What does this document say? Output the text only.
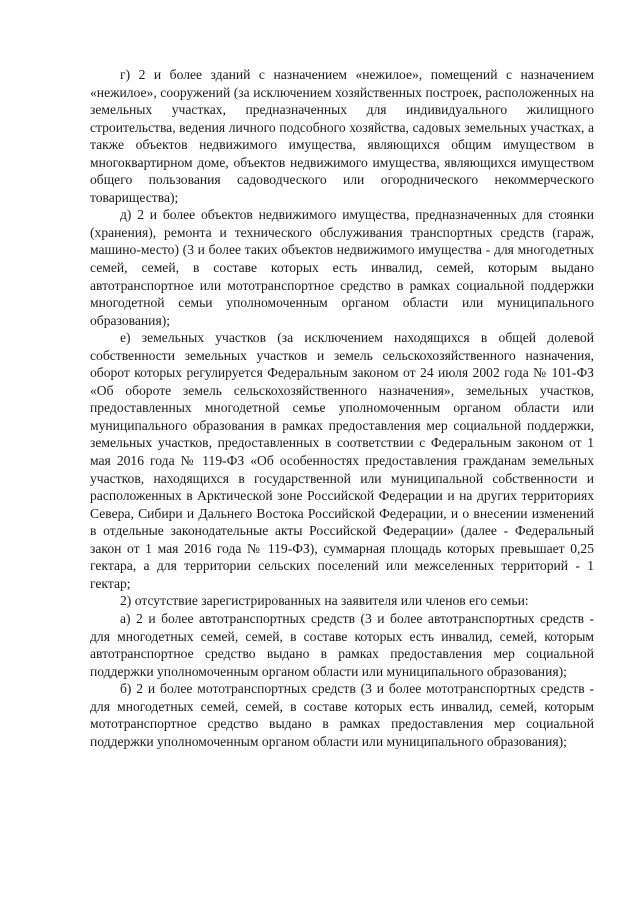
г) 2 и более зданий с назначением «нежилое», помещений с назначением «нежилое», сооружений (за исключением хозяйственных построек, расположенных на земельных участках, предназначенных для индивидуального жилищного строительства, ведения личного подсобного хозяйства, садовых земельных участках, а также объектов недвижимого имущества, являющихся общим имуществом в многоквартирном доме, объектов недвижимого имущества, являющихся имуществом общего пользования садоводческого или огороднического некоммерческого товарищества);

д) 2 и более объектов недвижимого имущества, предназначенных для стоянки (хранения), ремонта и технического обслуживания транспортных средств (гараж, машино-место) (3 и более таких объектов недвижимого имущества - для многодетных семей, семей, в составе которых есть инвалид, семей, которым выдано автотранспортное или мототранспортное средство в рамках социальной поддержки многодетной семьи уполномоченным органом области или муниципального образования);

е) земельных участков (за исключением находящихся в общей долевой собственности земельных участков и земель сельскохозяйственного назначения, оборот которых регулируется Федеральным законом от 24 июля 2002 года № 101-ФЗ «Об обороте земель сельскохозяйственного назначения», земельных участков, предоставленных многодетной семье уполномоченным органом области или муниципального образования в рамках предоставления мер социальной поддержки, земельных участков, предоставленных в соответствии с Федеральным законом от 1 мая 2016 года № 119-ФЗ «Об особенностях предоставления гражданам земельных участков, находящихся в государственной или муниципальной собственности и расположенных в Арктической зоне Российской Федерации и на других территориях Севера, Сибири и Дальнего Востока Российской Федерации, и о внесении изменений в отдельные законодательные акты Российской Федерации» (далее - Федеральный закон от 1 мая 2016 года № 119-ФЗ), суммарная площадь которых превышает 0,25 гектара, а для территории сельских поселений или межселенных территорий - 1 гектар;

2) отсутствие зарегистрированных на заявителя или членов его семьи:

а) 2 и более автотранспортных средств (3 и более автотранспортных средств - для многодетных семей, семей, в составе которых есть инвалид, семей, которым автотранспортное средство выдано в рамках предоставления мер социальной поддержки уполномоченным органом области или муниципального образования);

б) 2 и более мототранспортных средств (3 и более мототранспортных средств - для многодетных семей, семей, в составе которых есть инвалид, семей, которым мототранспортное средство выдано в рамках предоставления мер социальной поддержки уполномоченным органом области или муниципального образования);
